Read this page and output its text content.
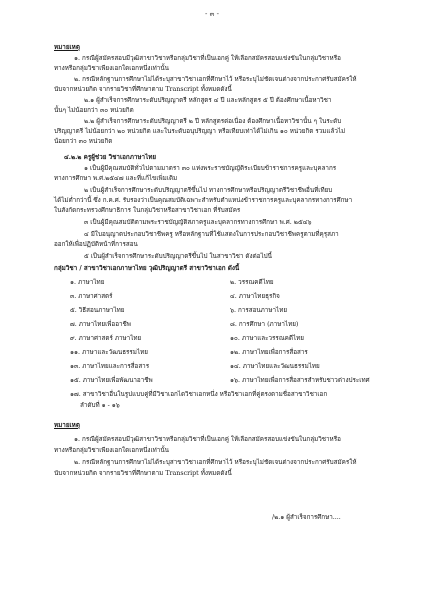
- ๓ -
หมายเหตุ
๑. กรณีผู้สมัครสอบมีวุฒิสาขาวิชาหรือกลุ่มวิชาที่เป็นเอกคู่ ให้เลือกสมัครสอบแข่งขันในกลุ่มวิชาหรือ
ทางหรือกลุ่มวิชาเพียงเอกใดเอกหนึ่งเท่านั้น
๒. กรณีหลักฐานการศึกษาไม่ได้ระบุสาขาวิชาเอกที่ศึกษาไว้ หรือระบุไม่ชัดเจนต่างจากประกาศรับสมัครให้
นับจากหน่วยกิต จากรายวิชาที่ศึกษาตาม Transcript ทั้งหมดดังนี้
๒.๑ ผู้สำเร็จการศึกษาระดับปริญญาตรี หลักสูตร ๔ ปี และหลักสูตร ๕ ปี ต้องศึกษาเนื้อหาวิชา
นั้นๆ ไม่น้อยกว่า ๓๐ หน่วยกิต
๒.๒ ผู้สำเร็จการศึกษาระดับปริญญาตรี ๒ ปี หลักสูตรต่อเนื่อง ต้องศึกษาเนื้อหาวิชานั้น ๆ ในระดับ
ปริญญาตรี ไม่น้อยกว่า ๒๐ หน่วยกิต และในระดับอนุปริญญา หรือเทียบเท่าได้ไม่เกิน ๑๐ หน่วยกิต รวมแล้วไม่
น้อยกว่า ๓๐ หน่วยกิต
๔.๒.๒ ครูผู้ช่วย วิชาเอกภาษาไทย
๑ เป็นผู้มีคุณสมบัติทั่วไปตามมาตรา ๓๐ แห่งพระราชบัญญัติระเบียบข้าราชการครูและบุคลากร
ทางการศึกษา พ.ศ.๒๕๔๗ และที่แก้ไขเพิ่มเติม
๒ เป็นผู้สำเร็จการศึกษาระดับปริญญาตรีขึ้นไป ทางการศึกษาหรือปริญญาตรีวิชาชีพอื่นที่เทียบ
ได้ไม่ต่ำกว่านี้ ซึ่ง ก.ค.ศ. รับรองว่าเป็นคุณสมบัติเฉพาะสำหรับตำแหน่งข้าราชการครูและบุคลากรทางการศึกษา
ในสังกัดกระทรวงศึกษาธิการ ในกลุ่มวิชาหรือสาขาวิชาเอก ที่รับสมัคร
๓ เป็นผู้มีคุณสมบัติตามพระราชบัญญัติสภาครูและบุคลากรทางการศึกษา พ.ศ. ๒๕๔๖
๔ มีใบอนุญาตประกอบวิชาชีพครู หรือหลักฐานที่ใช้แสดงในการประกอบวิชาชีพครูตามที่คุรุสภา
ออกให้เพื่อปฏิบัติหน้าที่การสอน
๕ เป็นผู้สำเร็จการศึกษาระดับปริญญาตรีขึ้นไป ในสาขาวิชา ดังต่อไปนี้
กลุ่มวิชา / สาขาวิชาเอกภาษาไทย วุฒิปริญญาตรี สาขาวิชาเอก ดังนี้
๑. ภาษาไทย
๓. ภาษาศาสตร์
๕. วิธีสอนภาษาไทย
๗. ภาษาไทยเพื่ออาชีพ
๙. ภาษาศาสตร์ ภาษาไทย
๑๑. ภาษาและวัฒนธรรมไทย
๑๓. ภาษาไทยและการสื่อสาร
๑๕. ภาษาไทยเพื่อพัฒนาอาชีพ
๑๗. สาขาวิชาอื่นในรูปแบบคู่ที่มีวิชาเอกไดวิชาเอกหนึ่ง หรือวิชาเอกที่คู่ตรงตามชื่อสาขาวิชาเอก
ลำดับที่ ๑ - ๑๖
๒. วรรณคดีไทย
๔. ภาษาไทยธุรกิจ
๖. การสอนภาษาไทย
๘. การศึกษา (ภาษาไทย)
๑๐. ภาษาและวรรณคดีไทย
๑๒. ภาษาไทยเพื่อการสื่อสาร
๑๔. ภาษาไทยและวัฒนธรรมไทย
๑๖. ภาษาไทยเพื่อการสื่อสารสำหรับชาวต่างประเทศ
หมายเหตุ
๑. กรณีผู้สมัครสอบมีวุฒิสาขาวิชาหรือกลุ่มวิชาที่เป็นเอกคู่ ให้เลือกสมัครสอบแข่งขันในกลุ่มวิชาหรือ
ทางหรือกลุ่มวิชาเพียงเอกใดเอกหนึ่งเท่านั้น
๒. กรณีหลักฐานการศึกษาไม่ได้ระบุสาขาวิชาเอกที่ศึกษาไว้ หรือระบุไม่ชัดเจนต่างจากประกาศรับสมัครให้
นับจากหน่วยกิต จากรายวิชาที่ศึกษาตาม Transcript ทั้งหมดดังนี้
/๒.๑ ผู้สำเร็จการศึกษา....
